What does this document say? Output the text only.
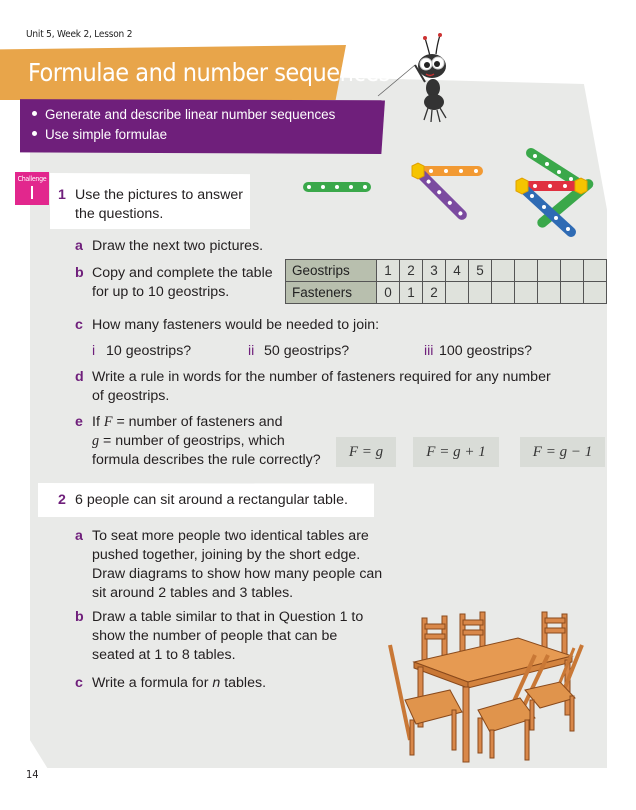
Unit 5, Week 2, Lesson 2
Formulae and number sequences
Generate and describe linear number sequences
Use simple formulae
Challenge
1 Use the pictures to answer
the questions.
a Draw the next two pictures.
b Copy and complete the table
for up to 10 geostrips.
Geostrips	1	2	3	4	5					
Fasteners	0	1	2							
c How many fasteners would be needed to join:
i 10 geostrips?	ii 50 geostrips?	iii 100 geostrips?
d Write a rule in words for the number of fasteners required for any number
of geostrips.
e If F = number of fasteners and
g = number of geostrips, which
formula describes the rule correctly?
F = g	F = g + 1	F = g − 1
2 6 people can sit around a rectangular table.
a To seat more people two identical tables are
pushed together, joining by the short edge.
Draw diagrams to show how many people can
sit around 2 tables and 3 tables.
b Draw a table similar to that in Question 1 to
show the number of people that can be
seated at 1 to 8 tables.
c Write a formula for n tables.
14
